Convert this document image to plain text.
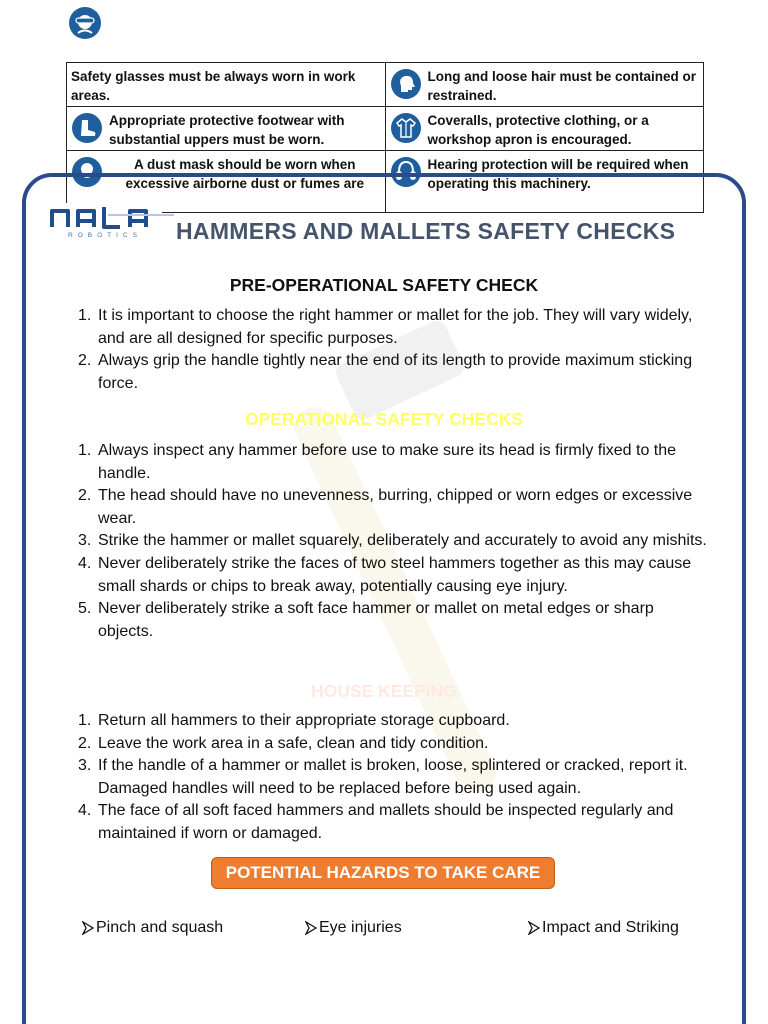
Safety glasses must be always worn in work areas.	Long and loose hair must be contained or restrained.

Appropriate protective footwear with substantial uppers must be worn.	Coveralls, protective clothing, or a workshop apron is encouraged.

A dust mask should be worn when excessive airborne dust or fumes are	Hearing protection will be required when operating this machinery.
ROBOTICS HAMMERS AND MALLETS SAFETY CHECKS
PRE-OPERATIONAL SAFETY CHECK
1. It is important to choose the right hammer or mallet for the job. They will vary widely, and are all designed for specific purposes.
2. Always grip the handle tightly near the end of its length to provide maximum sticking force.
OPERATIONAL SAFETY CHECKS
1. Always inspect any hammer before use to make sure its head is firmly fixed to the handle.
2. The head should have no unevenness, burring, chipped or worn edges or excessive wear.
3. Strike the hammer or mallet squarely, deliberately and accurately to avoid any mishits.
4. Never deliberately strike the faces of two steel hammers together as this may cause small shards or chips to break away, potentially causing eye injury.
5. Never deliberately strike a soft face hammer or mallet on metal edges or sharp objects.
HOUSE KEEPING
1. Return all hammers to their appropriate storage cupboard.
2. Leave the work area in a safe, clean and tidy condition.
3. If the handle of a hammer or mallet is broken, loose, splintered or cracked, report it. Damaged handles will need to be replaced before being used again.
4. The face of all soft faced hammers and mallets should be inspected regularly and maintained if worn or damaged.
POTENTIAL HAZARDS TO TAKE CARE
Pinch and squash	Eye injuries	Impact and Striking
